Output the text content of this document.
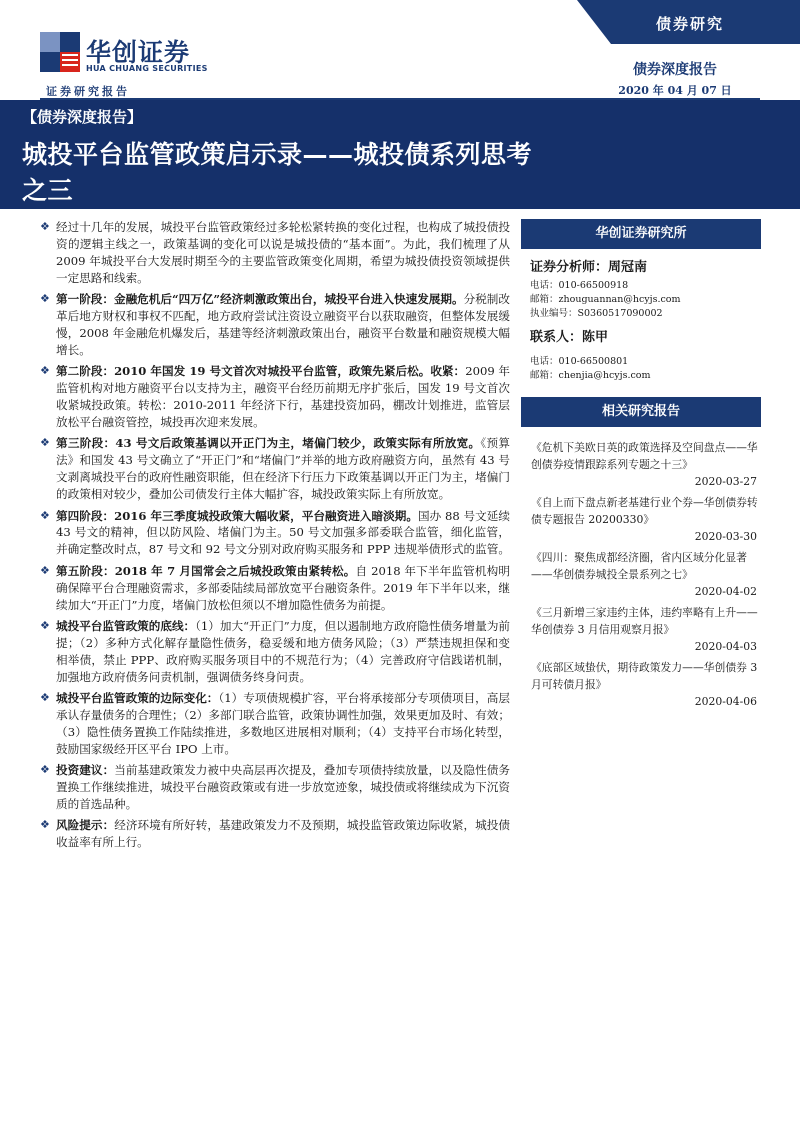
华创证券
HUA CHUANG SECURITIES
证券研究报告
债券研究
债券深度报告
2020 年 04 月 07 日
【债券深度报告】
城投平台监管政策启示录——城投债系列思考之三
❖ 经过十几年的发展，城投平台监管政策经过多轮松紧转换的变化过程，也构成了城投债投资的逻辑主线之一，政策基调的变化可以说是城投债的“基本面”。为此，我们梳理了从 2009 年城投平台大发展时期至今的主要监管政策变化周期，希望为城投债投资领域提供一定思路和线索。
❖ 第一阶段：金融危机后“四万亿”经济刺激政策出台，城投平台进入快速发展期。分税制改革后地方财权和事权不匹配，地方政府尝试注资设立融资平台以获取融资，但整体发展缓慢，2008 年金融危机爆发后，基建等经济刺激政策出台，融资平台数量和融资规模大幅增长。
❖ 第二阶段：2010 年国发 19 号文首次对城投平台监管，政策先紧后松。收紧：2009 年监管机构对地方融资平台以支持为主，融资平台经历前期无序扩张后，国发 19 号文首次收紧城投政策。转松：2010-2011 年经济下行，基建投资加码，棚改计划推进，监管层放松平台融资管控，城投再次迎来发展。
❖ 第三阶段：43 号文后政策基调以开正门为主，堵偏门较少，政策实际有所放宽。《预算法》和国发 43 号文确立了“开正门”和“堵偏门”并举的地方政府融资方向，虽然有 43 号文剥离城投平台的政府性融资职能，但在经济下行压力下政策基调以开正门为主，堵偏门的政策相对较少，叠加公司债发行主体大幅扩容，城投政策实际上有所放宽。
❖ 第四阶段：2016 年三季度城投政策大幅收紧，平台融资进入暗淡期。国办 88 号文延续 43 号文的精神，但以防风险、堵偏门为主。50 号文加强多部委联合监管，细化监管，并确定整改时点，87 号文和 92 号文分别对政府购买服务和 PPP 违规举债形式的监管。
❖ 第五阶段：2018 年 7 月国常会之后城投政策由紧转松。自 2018 年下半年监管机构明确保障平台合理融资需求，多部委陆续局部放宽平台融资条件。2019 年下半年以来，继续加大“开正门”力度，堵偏门放松但须以不增加隐性债务为前提。
❖ 城投平台监管政策的底线：（1）加大“开正门”力度，但以遏制地方政府隐性债务增量为前提；（2）多种方式化解存量隐性债务，稳妥缓和地方债务风险；（3）严禁违规担保和变相举债，禁止 PPP、政府购买服务项目中的不规范行为；（4）完善政府守信践诺机制，加强地方政府债务问责机制，强调债务终身问责。
❖ 城投平台监管政策的边际变化：（1）专项债规模扩容，平台将承接部分专项债项目，高层承认存量债务的合理性；（2）多部门联合监管，政策协调性加强，效果更加及时、有效；（3）隐性债务置换工作陆续推进，多数地区进展相对顺利；（4）支持平台市场化转型，鼓励国家级经开区平台 IPO 上市。
❖ 投资建议：当前基建政策发力被中央高层再次提及，叠加专项债持续放量，以及隐性债务置换工作继续推进，城投平台融资政策或有进一步放宽迹象，城投债或将继续成为下沉资质的首选品种。
❖ 风险提示：经济环境有所好转，基建政策发力不及预期，城投监管政策边际收紧，城投债收益率有所上行。
华创证券研究所
证券分析师：周冠南
电话：010-66500918
邮箱：zhouguannan@hcyjs.com
执业编号：S0360517090002
联系人：陈甲
电话：010-66500801
邮箱：chenjia@hcyjs.com
相关研究报告
《危机下美欧日英的政策选择及空间盘点——华创债券疫情跟踪系列专题之十三》
2020-03-27
《自上而下盘点新老基建行业个券—华创债券转债专题报告 20200330》
2020-03-30
《四川：聚焦成都经济圈，省内区域分化显著——华创债券城投全景系列之七》
2020-04-02
《三月新增三家违约主体，违约率略有上升——华创债券 3 月信用观察月报》
2020-04-03
《底部区域蛰伏，期待政策发力——华创债券 3 月可转债月报》
2020-04-06
